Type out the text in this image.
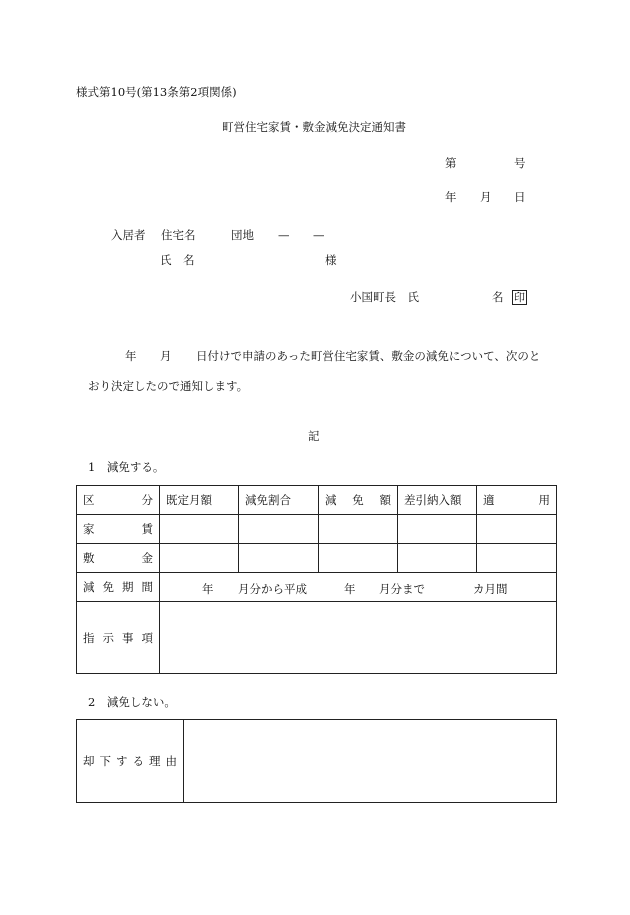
様式第10号(第13条第2項関係)
町営住宅家賃・敷金減免決定通知書
第	号
年 月 日
入居者 住宅名	団地 — —
氏　名	様
小国町長　氏	名 印
年 月 日付けで申請のあった町営住宅家賃、敷金の減免について、次のと
おり決定したので通知します。
記
1　減免する。
区 分	既定月額	減免割合	減 免 額	差引納入額	適 用

家 賃					

敷 金					

減 免 期 間	年 月分から平成 年 月分まで カ月間				

指 示 事 項					

2　減免しない。
却 下 す る 理 由
